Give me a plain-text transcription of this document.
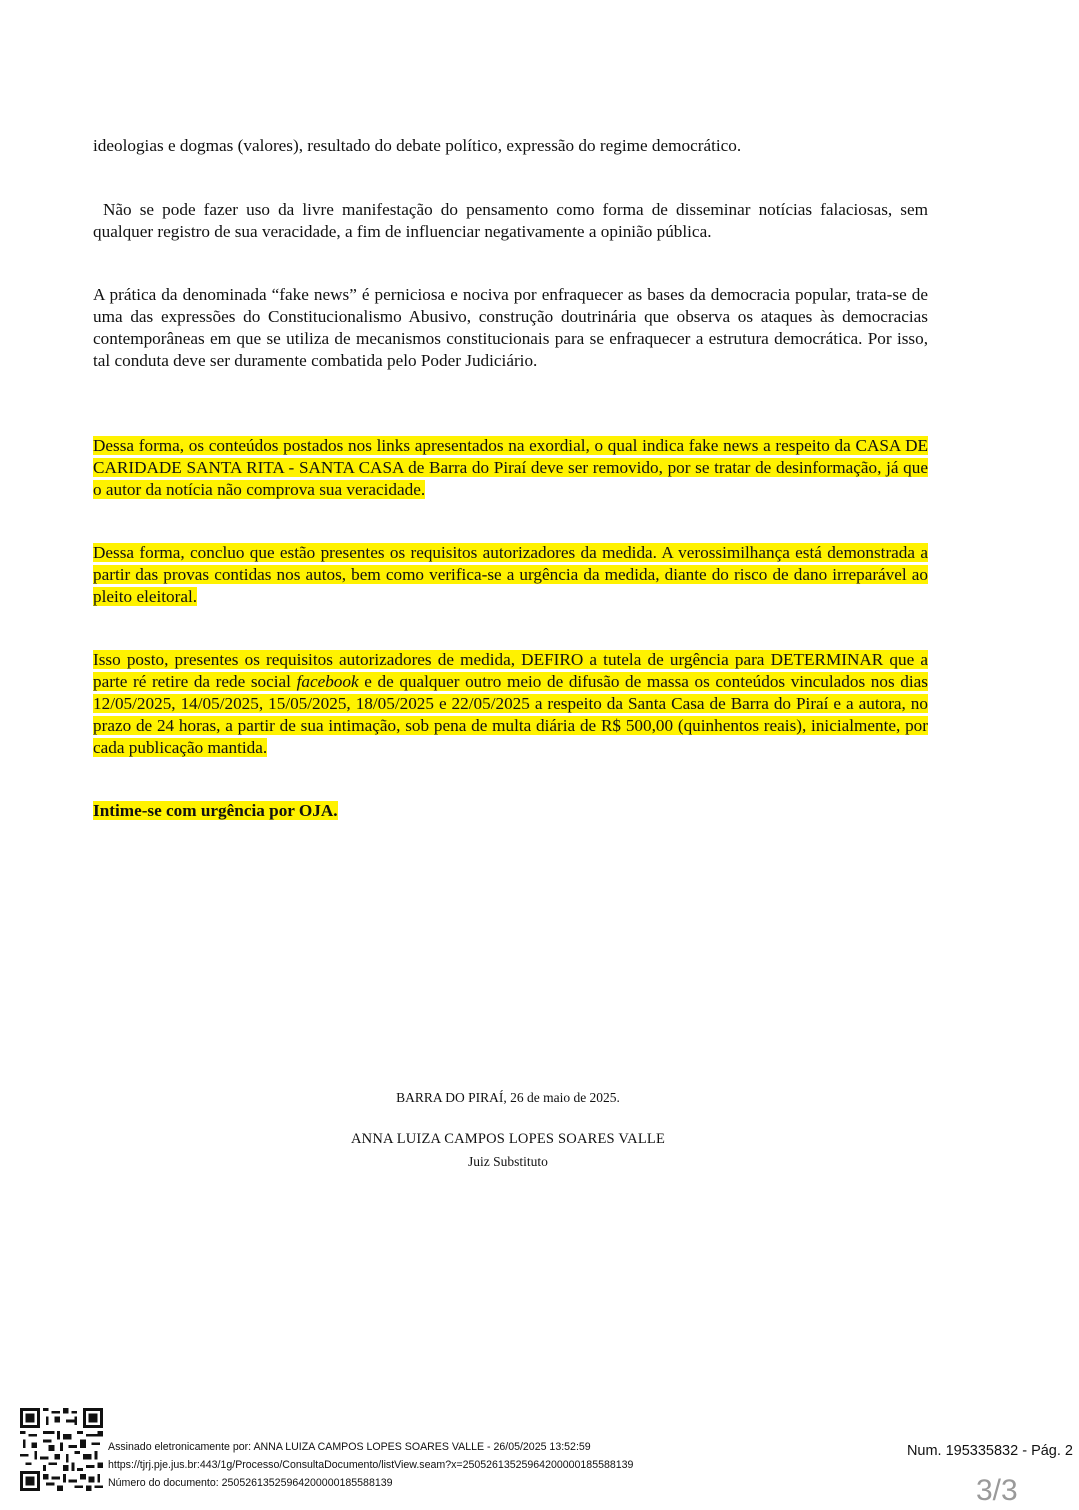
ideologias e dogmas (valores), resultado do debate político, expressão do regime democrático.

Não se pode fazer uso da livre manifestação do pensamento como forma de disseminar notícias falaciosas, sem qualquer registro de sua veracidade, a fim de influenciar negativamente a opinião pública.

A prática da denominada “fake news” é perniciosa e nociva por enfraquecer as bases da democracia popular, trata-se de uma das expressões do Constitucionalismo Abusivo, construção doutrinária que observa os ataques às democracias contemporâneas em que se utiliza de mecanismos constitucionais para se enfraquecer a estrutura democrática. Por isso, tal conduta deve ser duramente combatida pelo Poder Judiciário.

Dessa forma, os conteúdos postados nos links apresentados na exordial, o qual indica fake news a respeito da CASA DE CARIDADE SANTA RITA - SANTA CASA de Barra do Piraí deve ser removido, por se tratar de desinformação, já que o autor da notícia não comprova sua veracidade.

Dessa forma, concluo que estão presentes os requisitos autorizadores da medida. A verossimilhança está demonstrada a partir das provas contidas nos autos, bem como verifica-se a urgência da medida, diante do risco de dano irreparável ao pleito eleitoral.

Isso posto, presentes os requisitos autorizadores de medida, DEFIRO a tutela de urgência para DETERMINAR que a parte ré retire da rede social facebook e de qualquer outro meio de difusão de massa os conteúdos vinculados nos dias 12/05/2025, 14/05/2025, 15/05/2025, 18/05/2025 e 22/05/2025 a respeito da Santa Casa de Barra do Piraí e a autora, no prazo de 24 horas, a partir de sua intimação, sob pena de multa diária de R$ 500,00 (quinhentos reais), inicialmente, por cada publicação mantida.

Intime-se com urgência por OJA.

BARRA DO PIRAÍ, 26 de maio de 2025.

ANNA LUIZA CAMPOS LOPES SOARES VALLE

Juiz Substituto

Assinado eletronicamente por: ANNA LUIZA CAMPOS LOPES SOARES VALLE - 26/05/2025 13:52:59
https://tjrj.pje.jus.br:443/1g/Processo/ConsultaDocumento/listView.seam?x=25052613525964200000185588139
Número do documento: 25052613525964200000185588139
Num. 195335832 - Pág. 2
3/3
